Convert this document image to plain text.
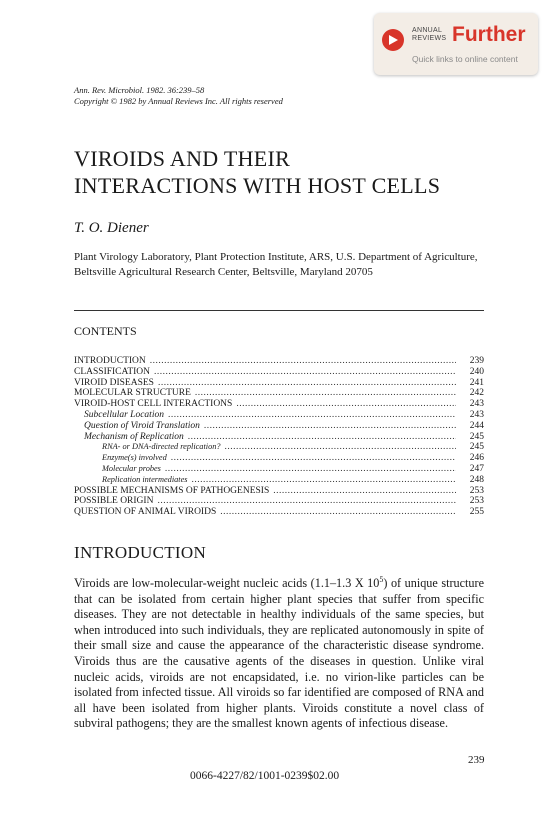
ANNUAL
REVIEWS Further
Quick links to online content
Ann. Rev. Microbiol. 1982. 36:239–58
Copyright © 1982 by Annual Reviews Inc. All rights reserved
VIROIDS AND THEIR
INTERACTIONS WITH HOST CELLS
T. O. Diener
Plant Virology Laboratory, Plant Protection Institute, ARS, U.S. Department of Agriculture, Beltsville Agricultural Research Center, Beltsville, Maryland 20705
CONTENTS
INTRODUCTION .....	239
CLASSIFICATION .....	240
VIROID DISEASES .....	241
MOLECULAR STRUCTURE .....	242
VIROID-HOST CELL INTERACTIONS .....	243
Subcellular Location .....	243
Question of Viroid Translation .....	244
Mechanism of Replication .....	245
RNA- or DNA-directed replication? .....	245
Enzyme(s) involved .....	246
Molecular probes .....	247
Replication intermediates .....	248
POSSIBLE MECHANISMS OF PATHOGENESIS .....	253
POSSIBLE ORIGIN .....	253
QUESTION OF ANIMAL VIROIDS .....	255
INTRODUCTION
Viroids are low-molecular-weight nucleic acids (1.1–1.3 X $10^5$) of unique structure that can be isolated from certain higher plant species that suffer from specific diseases. They are not detectable in healthy individuals of the same species, but when introduced into such individuals, they are replicated autonomously in spite of their small size and cause the appearance of the characteristic disease syndrome. Viroids thus are the causative agents of the diseases in question. Unlike viral nucleic acids, viroids are not encapsidated, i.e. no virion-like particles can be isolated from infected tissue. All viroids so far identified are composed of RNA and all have been isolated from higher plants. Viroids constitute a novel class of subviral pathogens; they are the smallest known agents of infectious disease.
239
0066-4227/82/1001-0239$02.00
